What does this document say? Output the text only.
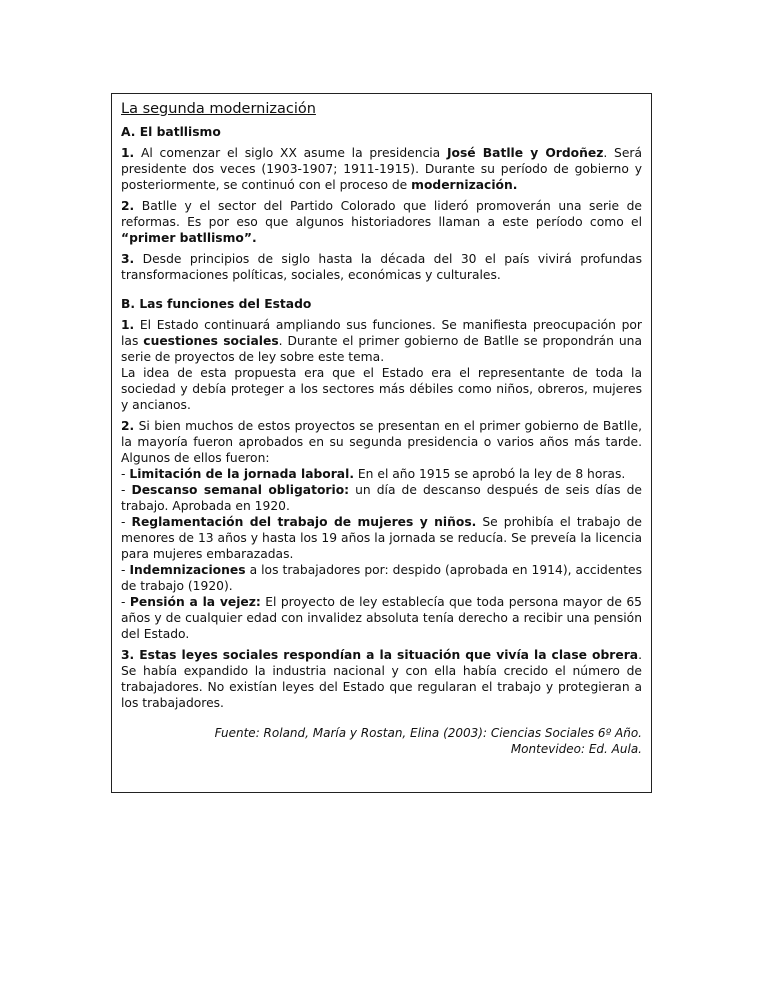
La segunda modernización
A. El batllismo

1. Al comenzar el siglo XX asume la presidencia José Batlle y Ordoñez. Será presidente dos veces (1903-1907; 1911-1915). Durante su período de gobierno y posteriormente, se continuó con el proceso de modernización.

2. Batlle y el sector del Partido Colorado que lideró promoverán una serie de reformas. Es por eso que algunos historiadores llaman a este período como el “primer batllismo”.

3. Desde principios de siglo hasta la década del 30 el país vivirá profundas transformaciones políticas, sociales, económicas y culturales.

B. Las funciones del Estado

1. El Estado continuará ampliando sus funciones. Se manifiesta preocupación por las cuestiones sociales. Durante el primer gobierno de Batlle se propondrán una serie de proyectos de ley sobre este tema.

La idea de esta propuesta era que el Estado era el representante de toda la sociedad y debía proteger a los sectores más débiles como niños, obreros, mujeres y ancianos.

2. Si bien muchos de estos proyectos se presentan en el primer gobierno de Batlle, la mayoría fueron aprobados en su segunda presidencia o varios años más tarde. Algunos de ellos fueron:

- Limitación de la jornada laboral. En el año 1915 se aprobó la ley de 8 horas.

- Descanso semanal obligatorio: un día de descanso después de seis días de trabajo. Aprobada en 1920.

- Reglamentación del trabajo de mujeres y niños. Se prohibía el trabajo de menores de 13 años y hasta los 19 años la jornada se reducía. Se preveía la licencia para mujeres embarazadas.

- Indemnizaciones a los trabajadores por: despido (aprobada en 1914), accidentes de trabajo (1920).

- Pensión a la vejez: El proyecto de ley establecía que toda persona mayor de 65 años y de cualquier edad con invalidez absoluta tenía derecho a recibir una pensión del Estado.

3. Estas leyes sociales respondían a la situación que vivía la clase obrera. Se había expandido la industria nacional y con ella había crecido el número de trabajadores. No existían leyes del Estado que regularan el trabajo y protegieran a los trabajadores.

Fuente: Roland, María y Rostan, Elina (2003): Ciencias Sociales 6º Año.
Montevideo: Ed. Aula.
